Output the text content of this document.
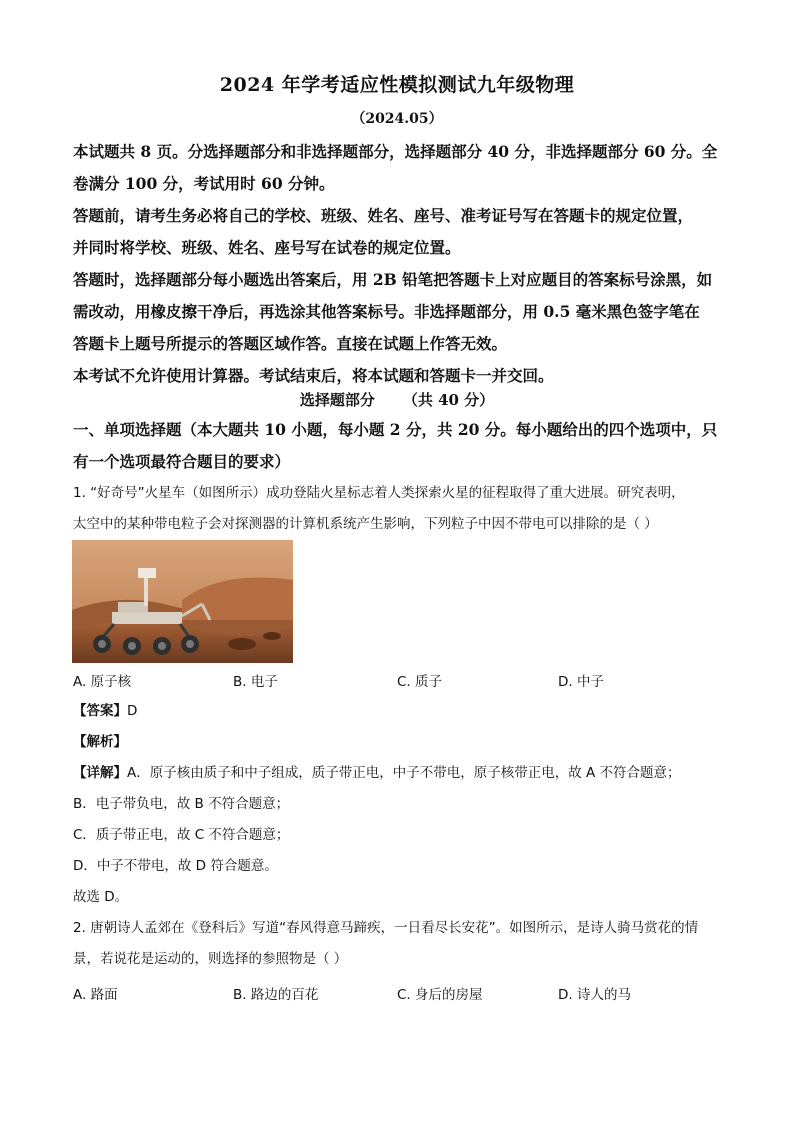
2024 年学考适应性模拟测试九年级物理
（2024.05）
本试题共 8 页。分选择题部分和非选择题部分，选择题部分 40 分，非选择题部分 60 分。全
卷满分 100 分，考试用时 60 分钟。
答题前，请考生务必将自己的学校、班级、姓名、座号、准考证号写在答题卡的规定位置，
并同时将学校、班级、姓名、座号写在试卷的规定位置。
答题时，选择题部分每小题选出答案后，用 2B 铅笔把答题卡上对应题目的答案标号涂黑，如
需改动，用橡皮擦干净后，再选涂其他答案标号。非选择题部分，用 0.5 毫米黑色签字笔在
答题卡上题号所提示的答题区域作答。直接在试题上作答无效。
本考试不允许使用计算器。考试结束后，将本试题和答题卡一并交回。
选择题部分 （共 40 分）
一、单项选择题（本大题共 10 小题，每小题 2 分，共 20 分。每小题给出的四个选项中，只
有一个选项最符合题目的要求）
1. “好奇号”火星车（如图所示）成功登陆火星标志着人类探索火星的征程取得了重大进展。研究表明，
太空中的某种带电粒子会对探测器的计算机系统产生影响，下列粒子中因不带电可以排除的是（ ）
A. 原子核	B. 电子	C. 质子	D. 中子
【答案】D
【解析】
【详解】A．原子核由质子和中子组成，质子带正电，中子不带电，原子核带正电，故 A 不符合题意；
B．电子带负电，故 B 不符合题意；
C．质子带正电，故 C 不符合题意；
D．中子不带电，故 D 符合题意。
故选 D。
2. 唐朝诗人孟郊在《登科后》写道“春风得意马蹄疾，一日看尽长安花”。如图所示，是诗人骑马赏花的情
景，若说花是运动的，则选择的参照物是（ ）
A. 路面	B. 路边的百花	C. 身后的房屋	D. 诗人的马
